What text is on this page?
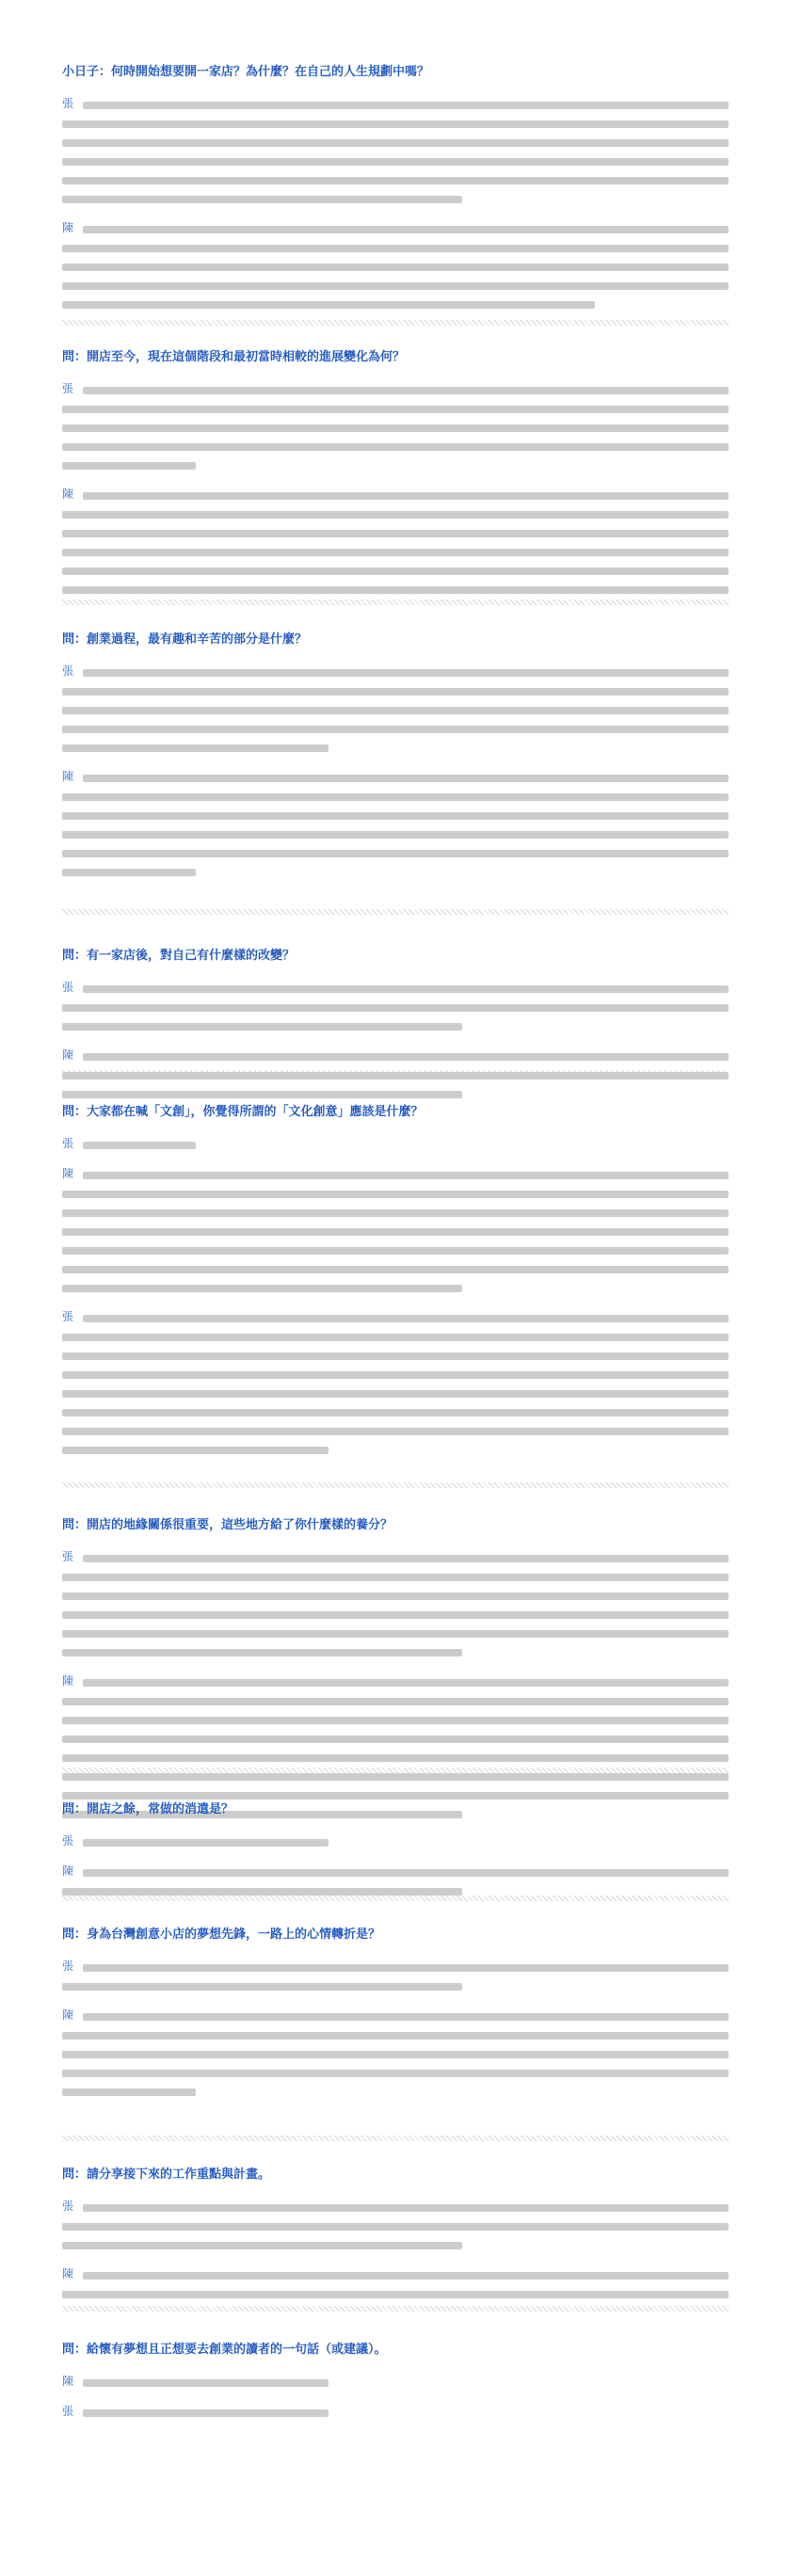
小日子：何時開始想要開一家店？為什麼？在自己的人生規劃中嗎？
張
陳
問：開店至今，現在這個階段和最初當時相較的進展變化為何？
張
陳
問：創業過程，最有趣和辛苦的部分是什麼？
張
陳
問：有一家店後，對自己有什麼樣的改變？
張
陳
問：大家都在喊「文創」，你覺得所謂的「文化創意」應該是什麼？
張
陳
張
問：開店的地緣關係很重要，這些地方給了你什麼樣的養分？
張
陳
問：開店之餘，常做的消遣是？
張
陳
問：身為台灣創意小店的夢想先鋒，一路上的心情轉折是？
張
陳
問：請分享接下來的工作重點與計畫。
張
陳
問：給懷有夢想且正想要去創業的讀者的一句話（或建議）。
陳
張
